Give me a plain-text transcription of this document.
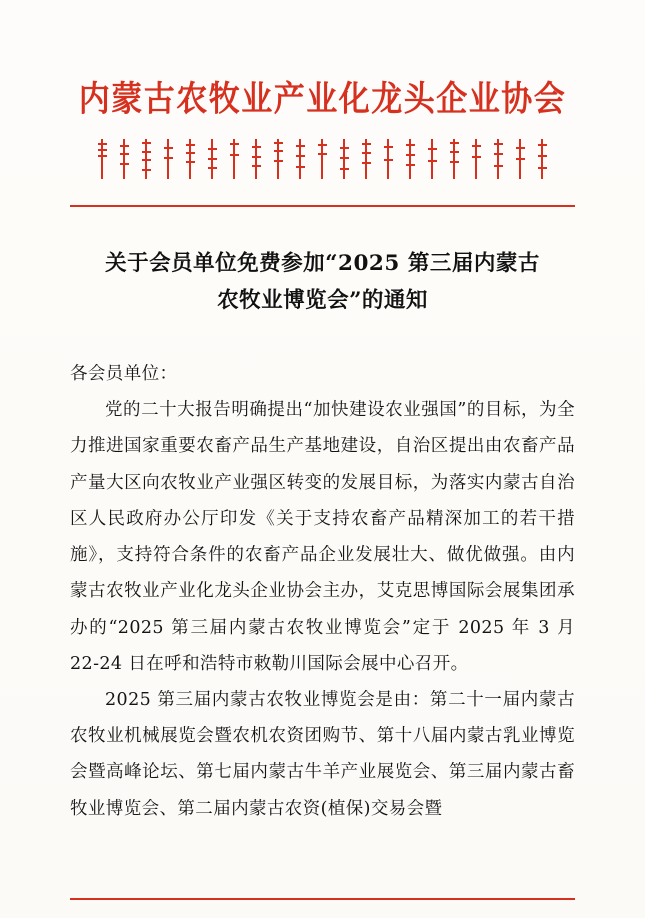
内蒙古农牧业产业化龙头企业协会
关于会员单位免费参加“2025 第三届内蒙古
农牧业博览会”的通知

各会员单位：

党的二十大报告明确提出“加快建设农业强国”的目标，为全力推进国家重要农畜产品生产基地建设，自治区提出由农畜产品产量大区向农牧业产业强区转变的发展目标，为落实内蒙古自治区人民政府办公厅印发《关于支持农畜产品精深加工的若干措施》，支持符合条件的农畜产品企业发展壮大、做优做强。由内蒙古农牧业产业化龙头企业协会主办，艾克思博国际会展集团承办的“2025 第三届内蒙古农牧业博览会”定于 2025 年 3 月 22-24 日在呼和浩特市敕勒川国际会展中心召开。

2025 第三届内蒙古农牧业博览会是由：第二十一届内蒙古农牧业机械展览会暨农机农资团购节、第十八届内蒙古乳业博览会暨高峰论坛、第七届内蒙古牛羊产业展览会、第三届内蒙古畜牧业博览会、第二届内蒙古农资(植保)交易会暨
